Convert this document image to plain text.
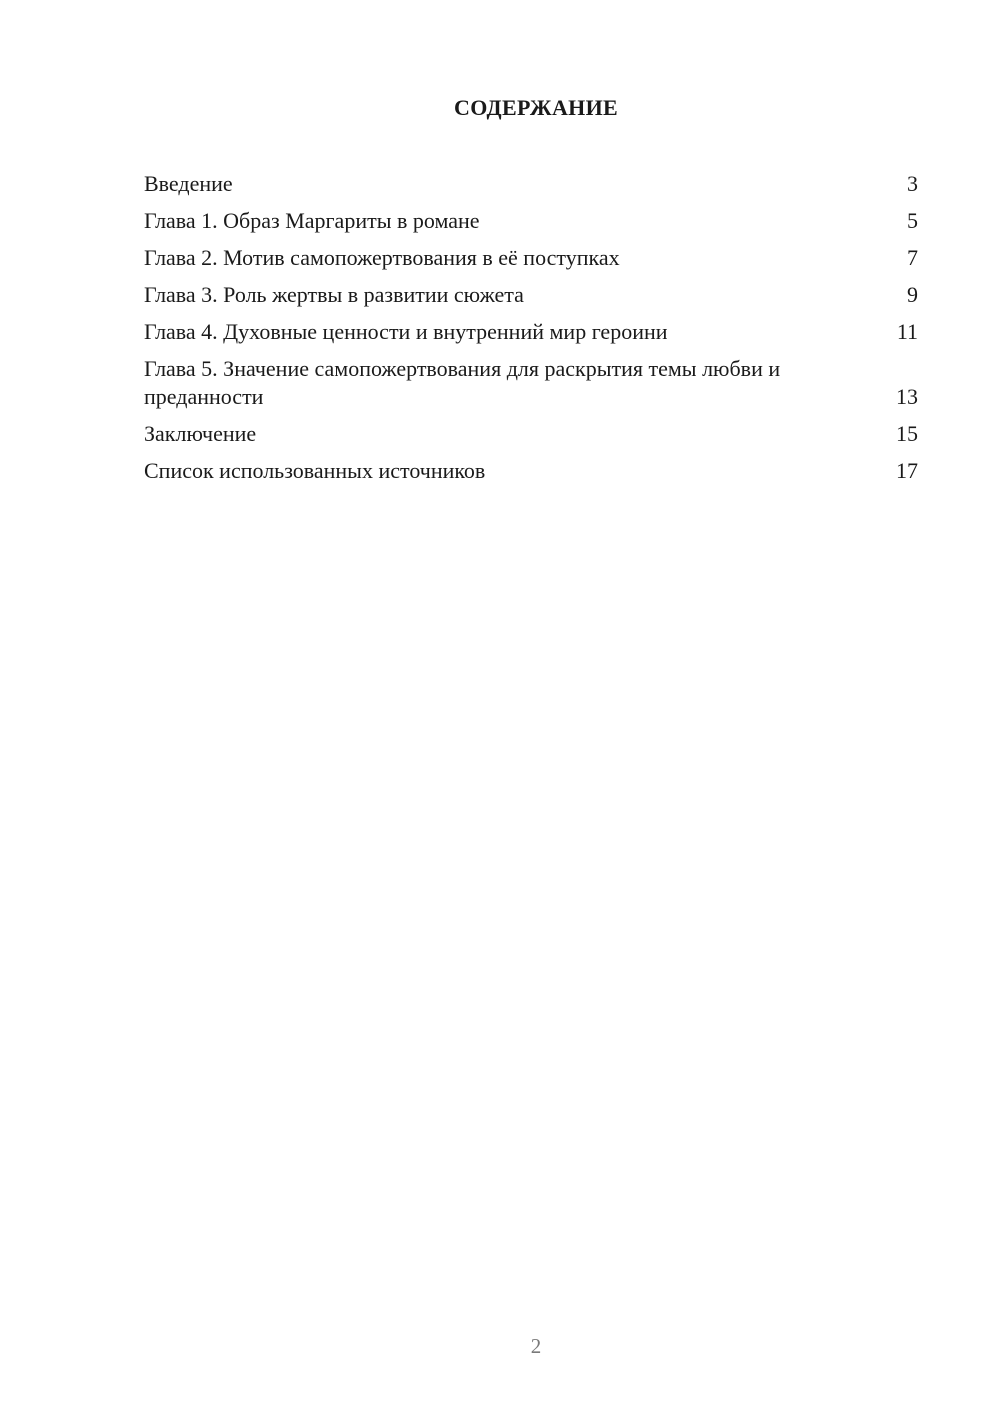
СОДЕРЖАНИЕ
Введение	3
Глава 1. Образ Маргариты в романе	5
Глава 2. Мотив самопожертвования в её поступках	7
Глава 3. Роль жертвы в развитии сюжета	9
Глава 4. Духовные ценности и внутренний мир героини	11
Глава 5. Значение самопожертвования для раскрытия темы любви и преданности	13
Заключение	15
Список использованных источников	17
2
